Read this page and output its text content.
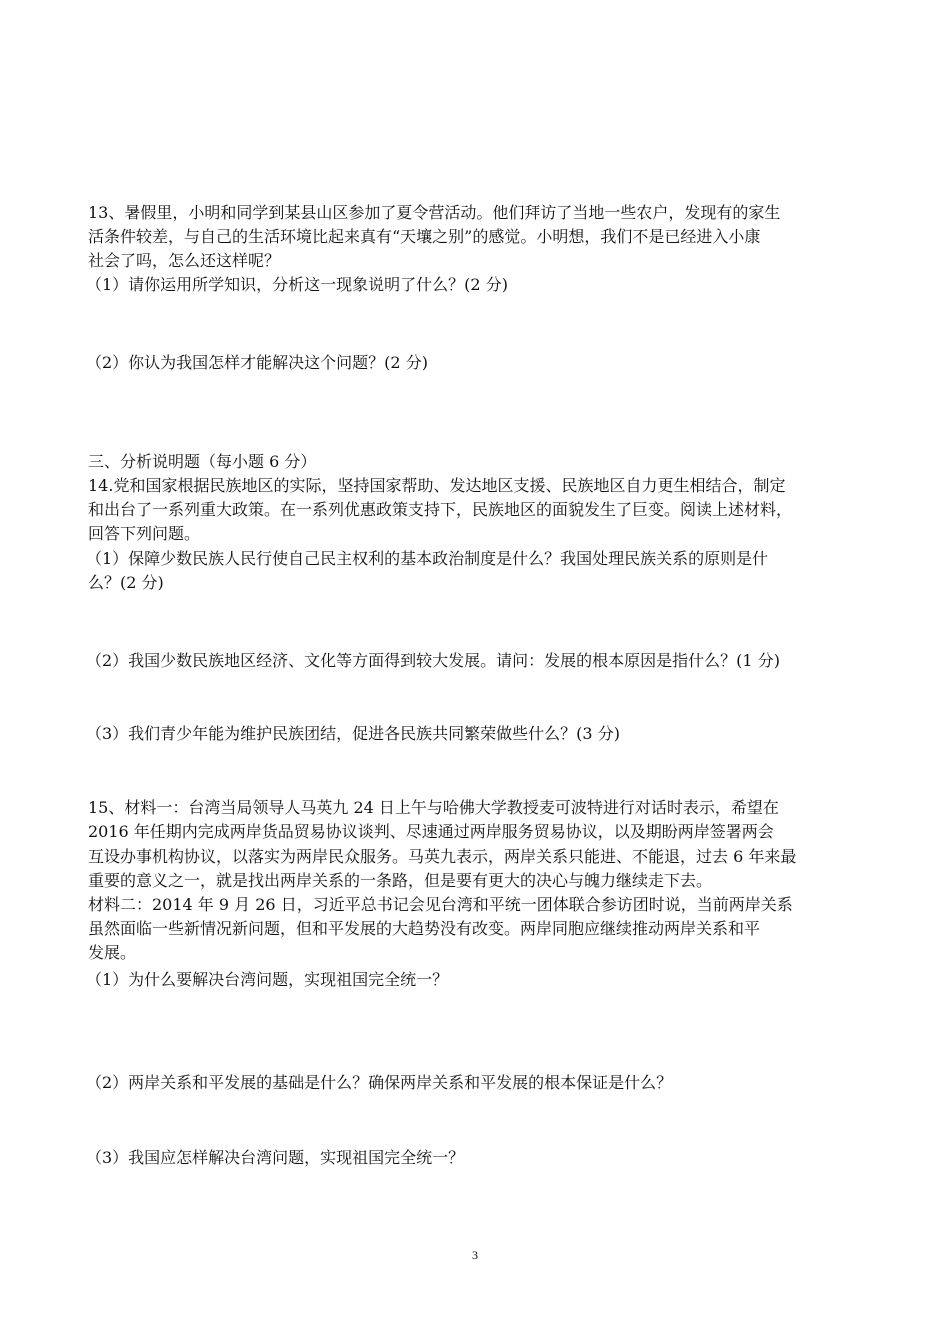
13、暑假里，小明和同学到某县山区参加了夏令营活动。他们拜访了当地一些农户，发现有的家生
活条件较差，与自己的生活环境比起来真有“天壤之别”的感觉。小明想，我们不是已经进入小康
社会了吗，怎么还这样呢？
（1）请你运用所学知识，分析这一现象说明了什么？(2 分)
（2）你认为我国怎样才能解决这个问题？(2 分)
三、分析说明题（每小题 6 分）
14.党和国家根据民族地区的实际，坚持国家帮助、发达地区支援、民族地区自力更生相结合，制定
和出台了一系列重大政策。在一系列优惠政策支持下，民族地区的面貌发生了巨变。阅读上述材料，
回答下列问题。
（1）保障少数民族人民行使自己民主权利的基本政治制度是什么？我国处理民族关系的原则是什
么？(2 分)
（2）我国少数民族地区经济、文化等方面得到较大发展。请问：发展的根本原因是指什么？(1 分)
（3）我们青少年能为维护民族团结，促进各民族共同繁荣做些什么？(3 分)
15、材料一：台湾当局领导人马英九 24 日上午与哈佛大学教授麦可波特进行对话时表示，希望在
2016 年任期内完成两岸货品贸易协议谈判、尽速通过两岸服务贸易协议，以及期盼两岸签署两会
互设办事机构协议，以落实为两岸民众服务。马英九表示，两岸关系只能进、不能退，过去 6 年来最
重要的意义之一，就是找出两岸关系的一条路，但是要有更大的决心与魄力继续走下去。
材料二：2014 年 9 月 26 日，习近平总书记会见台湾和平统一团体联合参访团时说，当前两岸关系
虽然面临一些新情况新问题，但和平发展的大趋势没有改变。两岸同胞应继续推动两岸关系和平
发展。
（1）为什么要解决台湾问题，实现祖国完全统一？
（2）两岸关系和平发展的基础是什么？确保两岸关系和平发展的根本保证是什么？
（3）我国应怎样解决台湾问题，实现祖国完全统一？
3
